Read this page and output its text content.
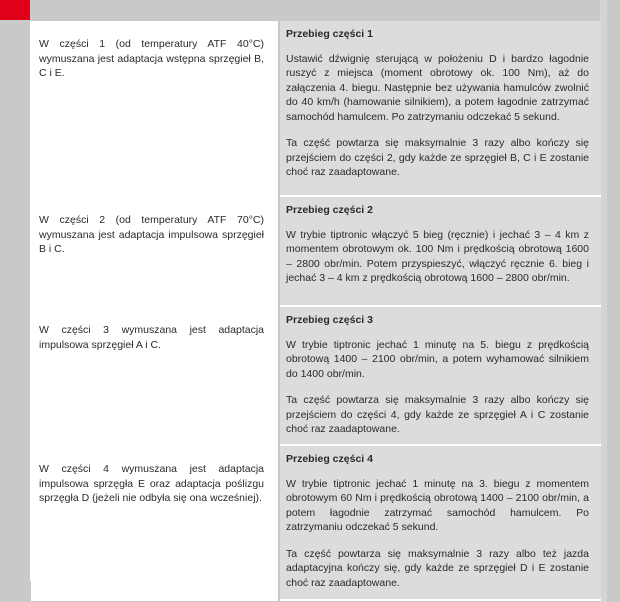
W części 1 (od temperatury ATF 40°C) wymuszana jest adaptacja wstępna sprzęgieł B, C i E.
Przebieg części 1

Ustawić dźwignię sterującą w położeniu D i bardzo łagodnie ruszyć z miejsca (moment obrotowy ok. 100 Nm), aż do załączenia 4. biegu. Następnie bez używania hamulców zwolnić do 40 km/h (hamowanie silnikiem), a potem łagodnie zatrzymać samochód hamulcem. Po zatrzymaniu odczekać 5 sekund.

Ta część powtarza się maksymalnie 3 razy albo kończy się przejściem do części 2, gdy każde ze sprzęgieł B, C i E zostanie choć raz zaadaptowane.

W części 2 (od temperatury ATF 70°C) wymuszana jest adaptacja impulsowa sprzęgieł B i C.
Przebieg części 2

W trybie tiptronic włączyć 5 bieg (ręcznie) i jechać 3 – 4 km z momentem obrotowym ok. 100 Nm i prędkością obrotową 1600 – 2800 obr/min. Potem przyspieszyć, włączyć ręcznie 6. bieg i jechać 3 – 4 km z prędkością obrotową 1600 – 2800 obr/min.

W części 3 wymuszana jest adaptacja impulsowa sprzęgieł A i C.
Przebieg części 3

W trybie tiptronic jechać 1 minutę na 5. biegu z prędkością obrotową 1400 – 2100 obr/min, a potem wyhamować silnikiem do 1400 obr/min.

Ta część powtarza się maksymalnie 3 razy albo kończy się przejściem do części 4, gdy każde ze sprzęgieł A i C zostanie choć raz zaadaptowane.

W części 4 wymuszana jest adaptacja impulsowa sprzęgła E oraz adaptacja poślizgu sprzęgła D (jeżeli nie odbyła się ona wcześniej).
Przebieg części 4

W trybie tiptronic jechać 1 minutę na 3. biegu z momentem obrotowym 60 Nm i prędkością obrotową 1400 – 2100 obr/min, a potem łagodnie zatrzymać samochód hamulcem. Po zatrzymaniu odczekać 5 sekund.

Ta część powtarza się maksymalnie 3 razy albo też jazda adaptacyjna kończy się, gdy każde ze sprzęgieł D i E zostanie choć raz zaadaptowane.
